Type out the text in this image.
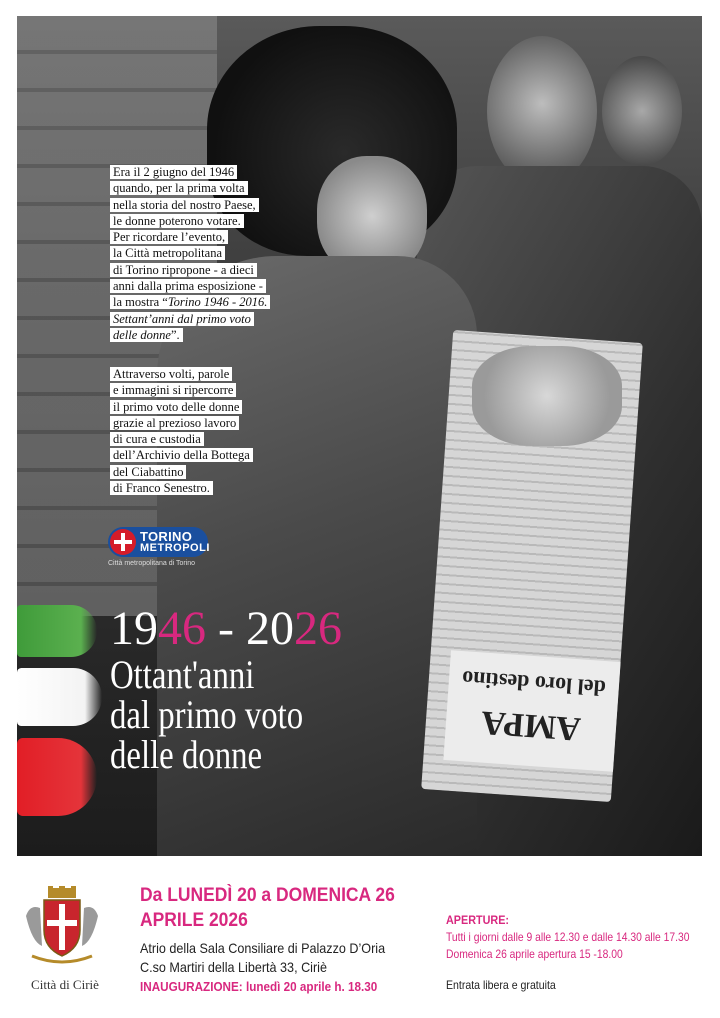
del loro destino
AMPA
Era il 2 giugno del 1946
quando, per la prima volta
nella storia del nostro Paese,
le donne poterono votare.
Per ricordare l’evento,
la Città metropolitana
di Torino ripropone - a dieci
anni dalla prima esposizione -
la mostra “Torino 1946 - 2016.
Settant’anni dal primo voto
delle donne”.
Attraverso volti, parole
e immagini si ripercorre
il primo voto delle donne
grazie al prezioso lavoro
di cura e custodia
dell’Archivio della Bottega
del Ciabattino
di Franco Senestro.
TORINO
METROPOLI
Città metropolitana di Torino
1946 - 2026
Ottant'anni
dal primo voto
delle donne
Città di Ciriè
Da LUNEDÌ 20 a DOMENICA 26
APRILE 2026
Atrio della Sala Consiliare di Palazzo D’Oria
C.so Martiri della Libertà 33, Ciriè
INAUGURAZIONE: lunedì 20 aprile h. 18.30
APERTURE:
Tutti i giorni dalle 9 alle 12.30 e dalle 14.30 alle 17.30
Domenica 26 aprile apertura 15 -18.00
Entrata libera e gratuita
